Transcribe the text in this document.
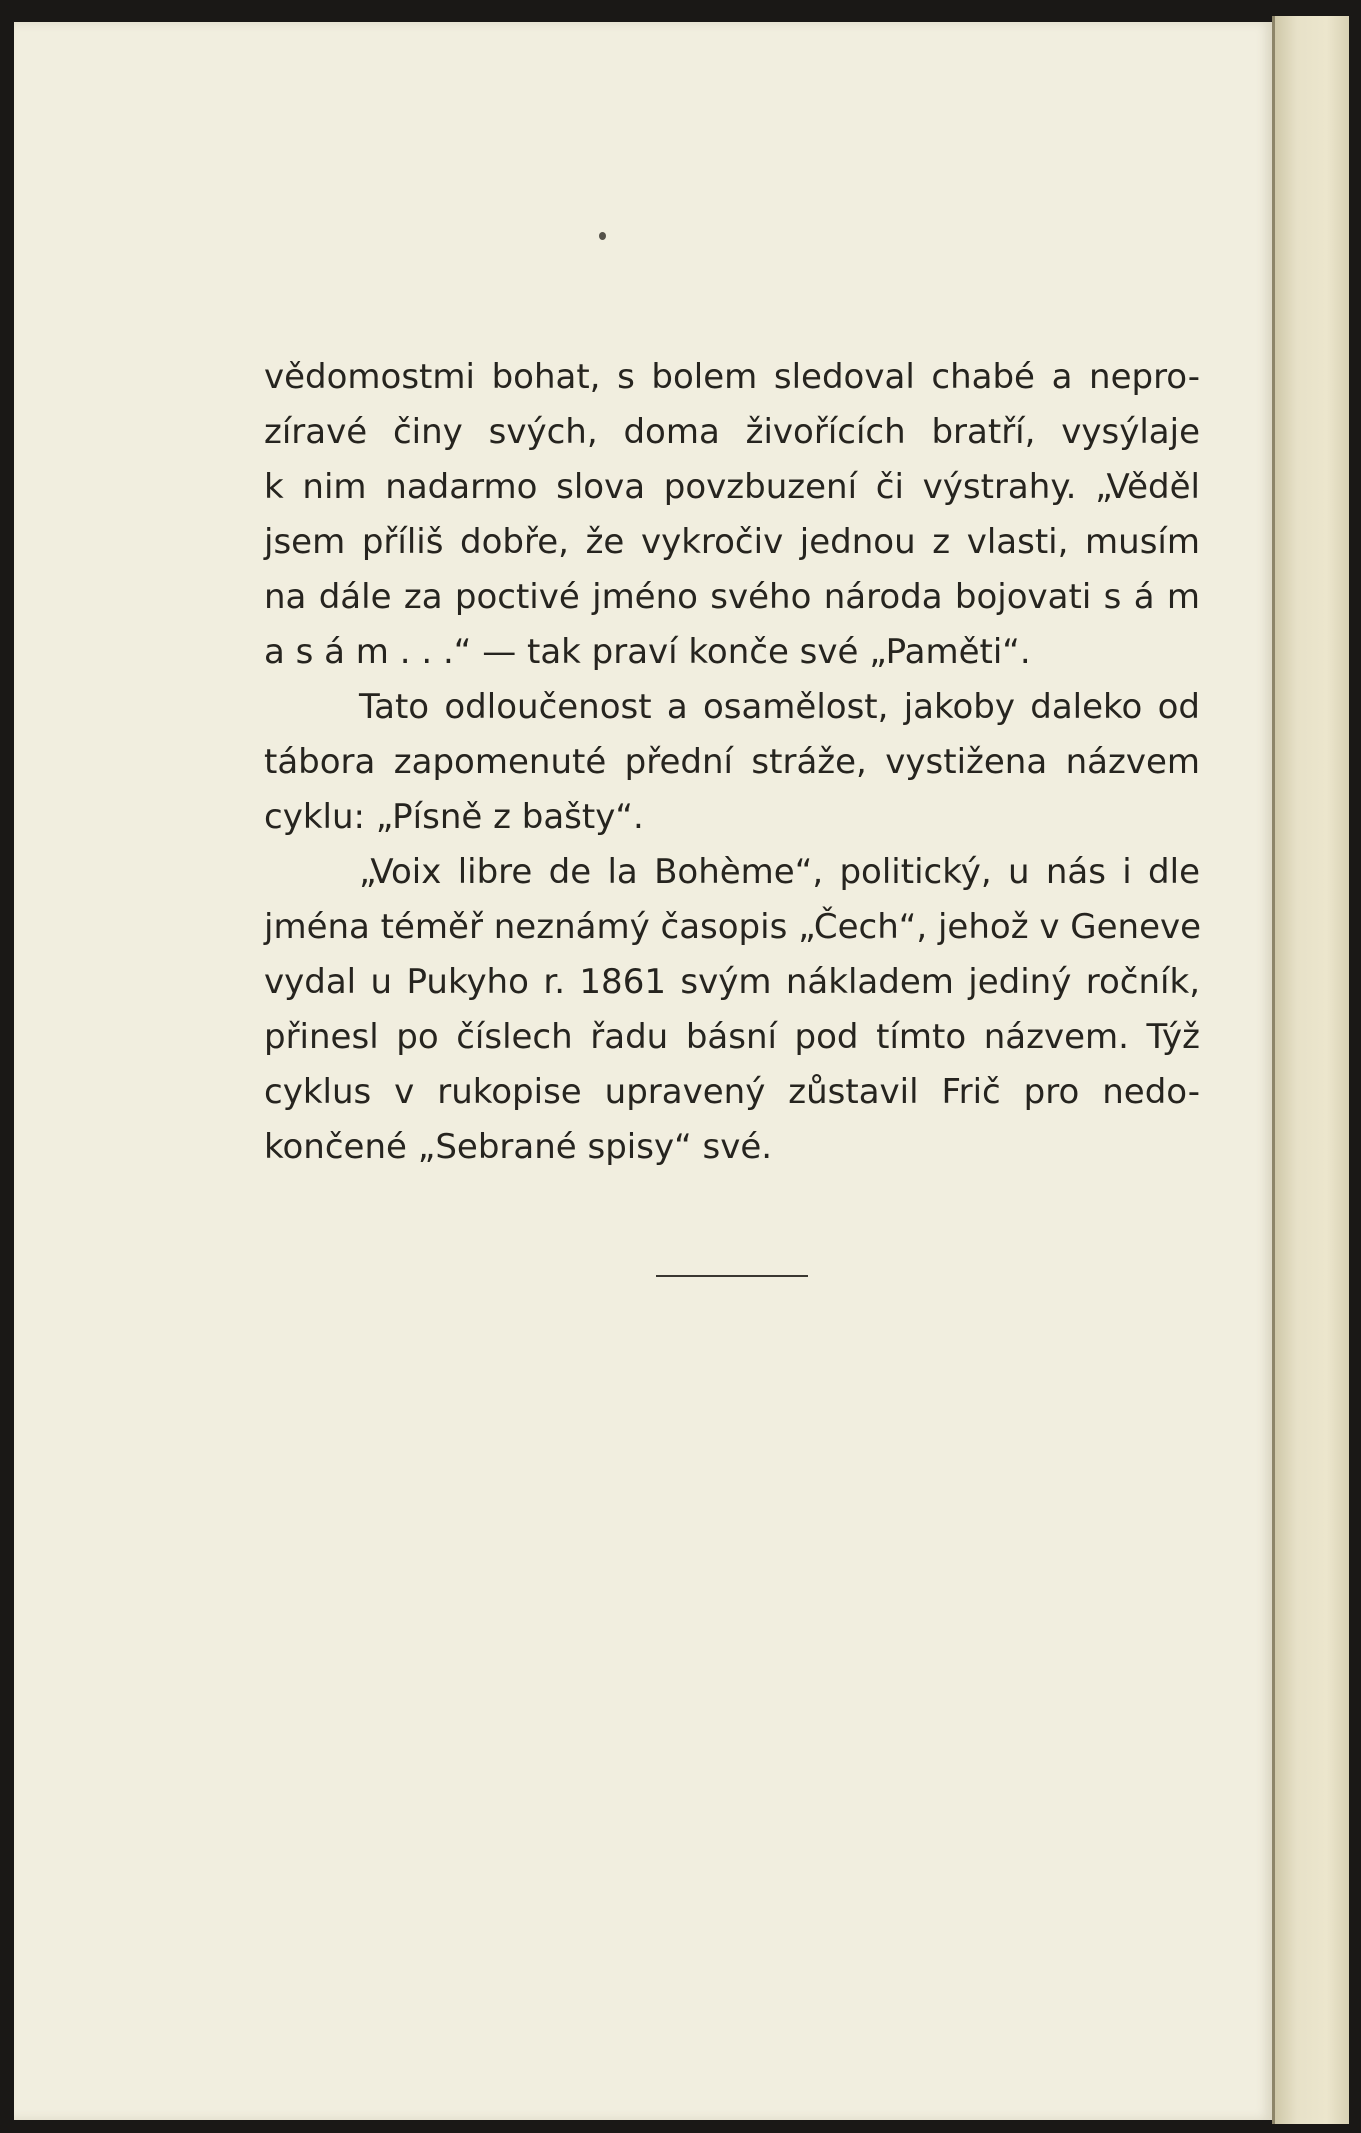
vědomostmi bohat, s bolem sledoval chabé a nepro-
zíravé činy svých, doma živořících bratří, vysýlaje
k nim nadarmo slova povzbuzení či výstrahy. „Věděl
jsem příliš dobře, že vykročiv jednou z vlasti, musím
na dále za poctivé jméno svého národa bojovati s á m
a s á m . . .“ — tak praví konče své „Paměti“.
Tato odloučenost a osamělost, jakoby daleko od
tábora zapomenuté přední stráže, vystižena názvem
cyklu: „Písně z bašty“.
„Voix libre de la Bohème“, politický, u nás i dle
jména téměř neznámý časopis „Čech“, jehož v Geneve
vydal u Pukyho r. 1861 svým nákladem jediný ročník,
přinesl po číslech řadu básní pod tímto názvem. Týž
cyklus v rukopise upravený zůstavil Frič pro nedo-
končené „Sebrané spisy“ své.
